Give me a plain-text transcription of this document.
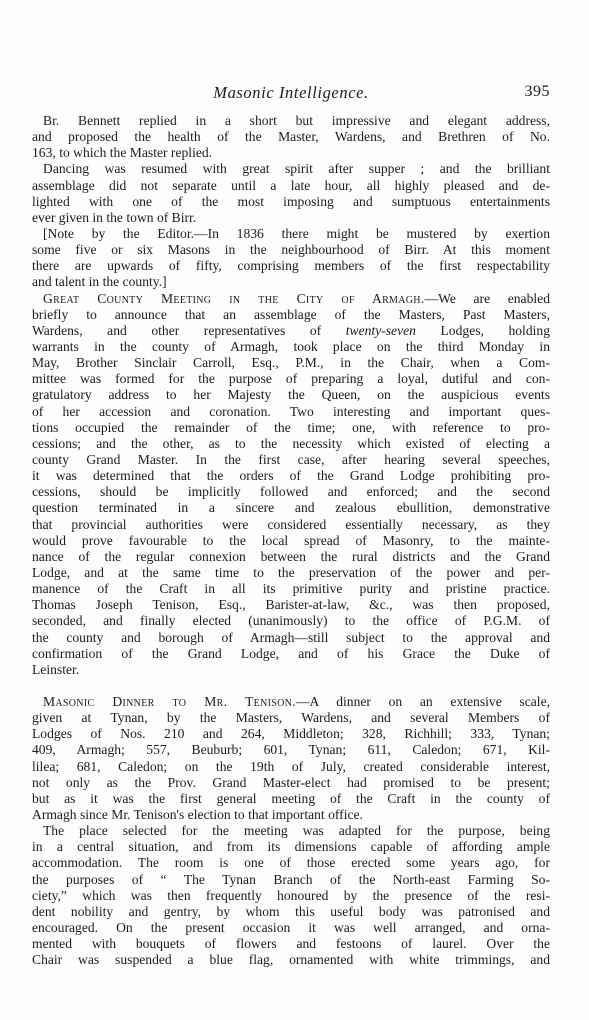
Masonic Intelligence.	395
Br. Bennett replied in a short but impressive and elegant address,
and proposed the health of the Master, Wardens, and Brethren of No.
163, to which the Master replied.
Dancing was resumed with great spirit after supper ; and the brilliant
assemblage did not separate until a late hour, all highly pleased and de-
lighted with one of the most imposing and sumptuous entertainments
ever given in the town of Birr.
[Note by the Editor.—In 1836 there might be mustered by exertion
some five or six Masons in the neighbourhood of Birr. At this moment
there are upwards of fifty, comprising members of the first respectability
and talent in the county.]
Great County Meeting in the City of Armagh.—We are enabled
briefly to announce that an assemblage of the Masters, Past Masters,
Wardens, and other representatives of twenty-seven Lodges, holding
warrants in the county of Armagh, took place on the third Monday in
May, Brother Sinclair Carroll, Esq., P.M., in the Chair, when a Com-
mittee was formed for the purpose of preparing a loyal, dutiful and con-
gratulatory address to her Majesty the Queen, on the auspicious events
of her accession and coronation. Two interesting and important ques-
tions occupied the remainder of the time; one, with reference to pro-
cessions; and the other, as to the necessity which existed of electing a
county Grand Master. In the first case, after hearing several speeches,
it was determined that the orders of the Grand Lodge prohibiting pro-
cessions, should be implicitly followed and enforced; and the second
question terminated in a sincere and zealous ebullition, demonstrative
that provincial authorities were considered essentially necessary, as they
would prove favourable to the local spread of Masonry, to the mainte-
nance of the regular connexion between the rural districts and the Grand
Lodge, and at the same time to the preservation of the power and per-
manence of the Craft in all its primitive purity and pristine practice.
Thomas Joseph Tenison, Esq., Barister-at-law, &c., was then proposed,
seconded, and finally elected (unanimously) to the office of P.G.M. of
the county and borough of Armagh—still subject to the approval and
confirmation of the Grand Lodge, and of his Grace the Duke of
Leinster.
Masonic Dinner to Mr. Tenison.—A dinner on an extensive scale,
given at Tynan, by the Masters, Wardens, and several Members of
Lodges of Nos. 210 and 264, Middleton; 328, Richhill; 333, Tynan;
409, Armagh; 557, Beuburb; 601, Tynan; 611, Caledon; 671, Kil-
lilea; 681, Caledon; on the 19th of July, created considerable interest,
not only as the Prov. Grand Master-elect had promised to be present;
but as it was the first general meeting of the Craft in the county of
Armagh since Mr. Tenison's election to that important office.
The place selected for the meeting was adapted for the purpose, being
in a central situation, and from its dimensions capable of affording ample
accommodation. The room is one of those erected some years ago, for
the purposes of “ The Tynan Branch of the North-east Farming So-
ciety,” which was then frequently honoured by the presence of the resi-
dent nobility and gentry, by whom this useful body was patronised and
encouraged. On the present occasion it was well arranged, and orna-
mented with bouquets of flowers and festoons of laurel. Over the
Chair was suspended a blue flag, ornamented with white trimmings, and
